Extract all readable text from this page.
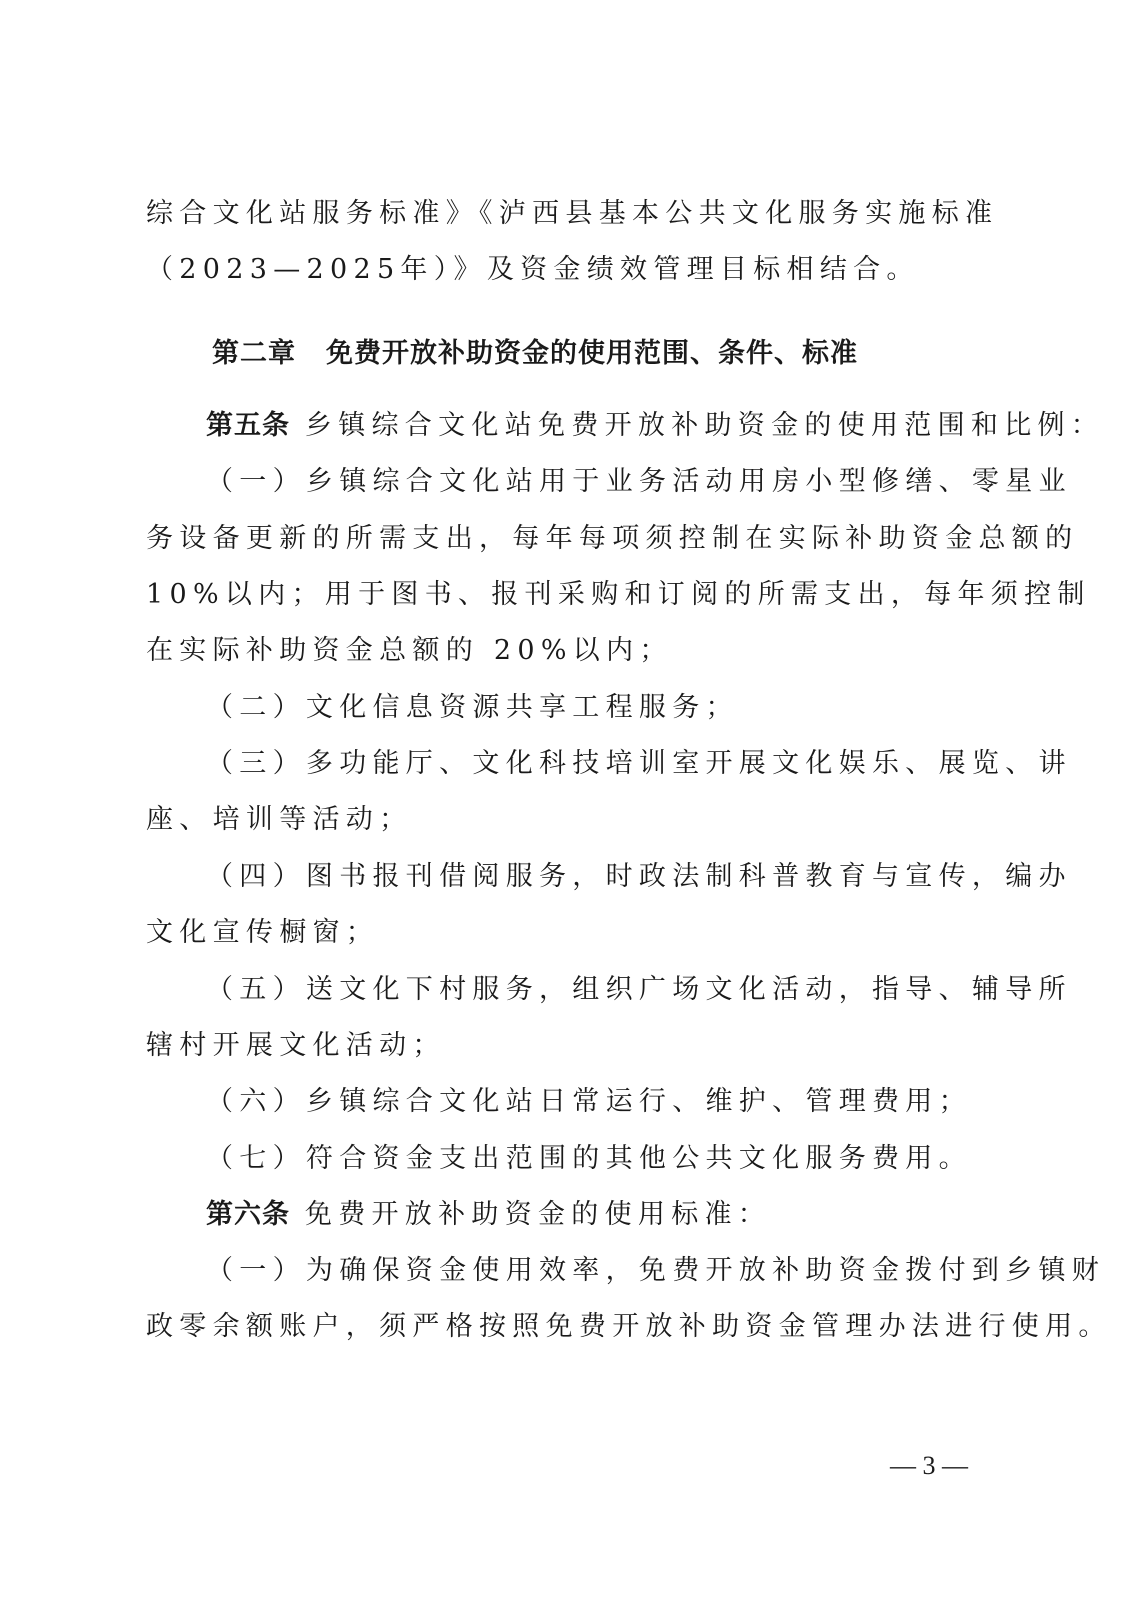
综合文化站服务标准》《泸西县基本公共文化服务实施标准
（2023—2025年）》及资金绩效管理目标相结合。
第二章 免费开放补助资金的使用范围、条件、标准
第五条 乡镇综合文化站免费开放补助资金的使用范围和比例：
（一）乡镇综合文化站用于业务活动用房小型修缮、零星业
务设备更新的所需支出，每年每项须控制在实际补助资金总额的
10%以内；用于图书、报刊采购和订阅的所需支出，每年须控制
在实际补助资金总额的 20%以内；
（二）文化信息资源共享工程服务；
（三）多功能厅、文化科技培训室开展文化娱乐、展览、讲
座、培训等活动；
（四）图书报刊借阅服务，时政法制科普教育与宣传，编办
文化宣传橱窗；
（五）送文化下村服务，组织广场文化活动，指导、辅导所
辖村开展文化活动；
（六）乡镇综合文化站日常运行、维护、管理费用；
（七）符合资金支出范围的其他公共文化服务费用。
第六条 免费开放补助资金的使用标准：
（一）为确保资金使用效率，免费开放补助资金拨付到乡镇财
政零余额账户，须严格按照免费开放补助资金管理办法进行使用。
— 3 —
